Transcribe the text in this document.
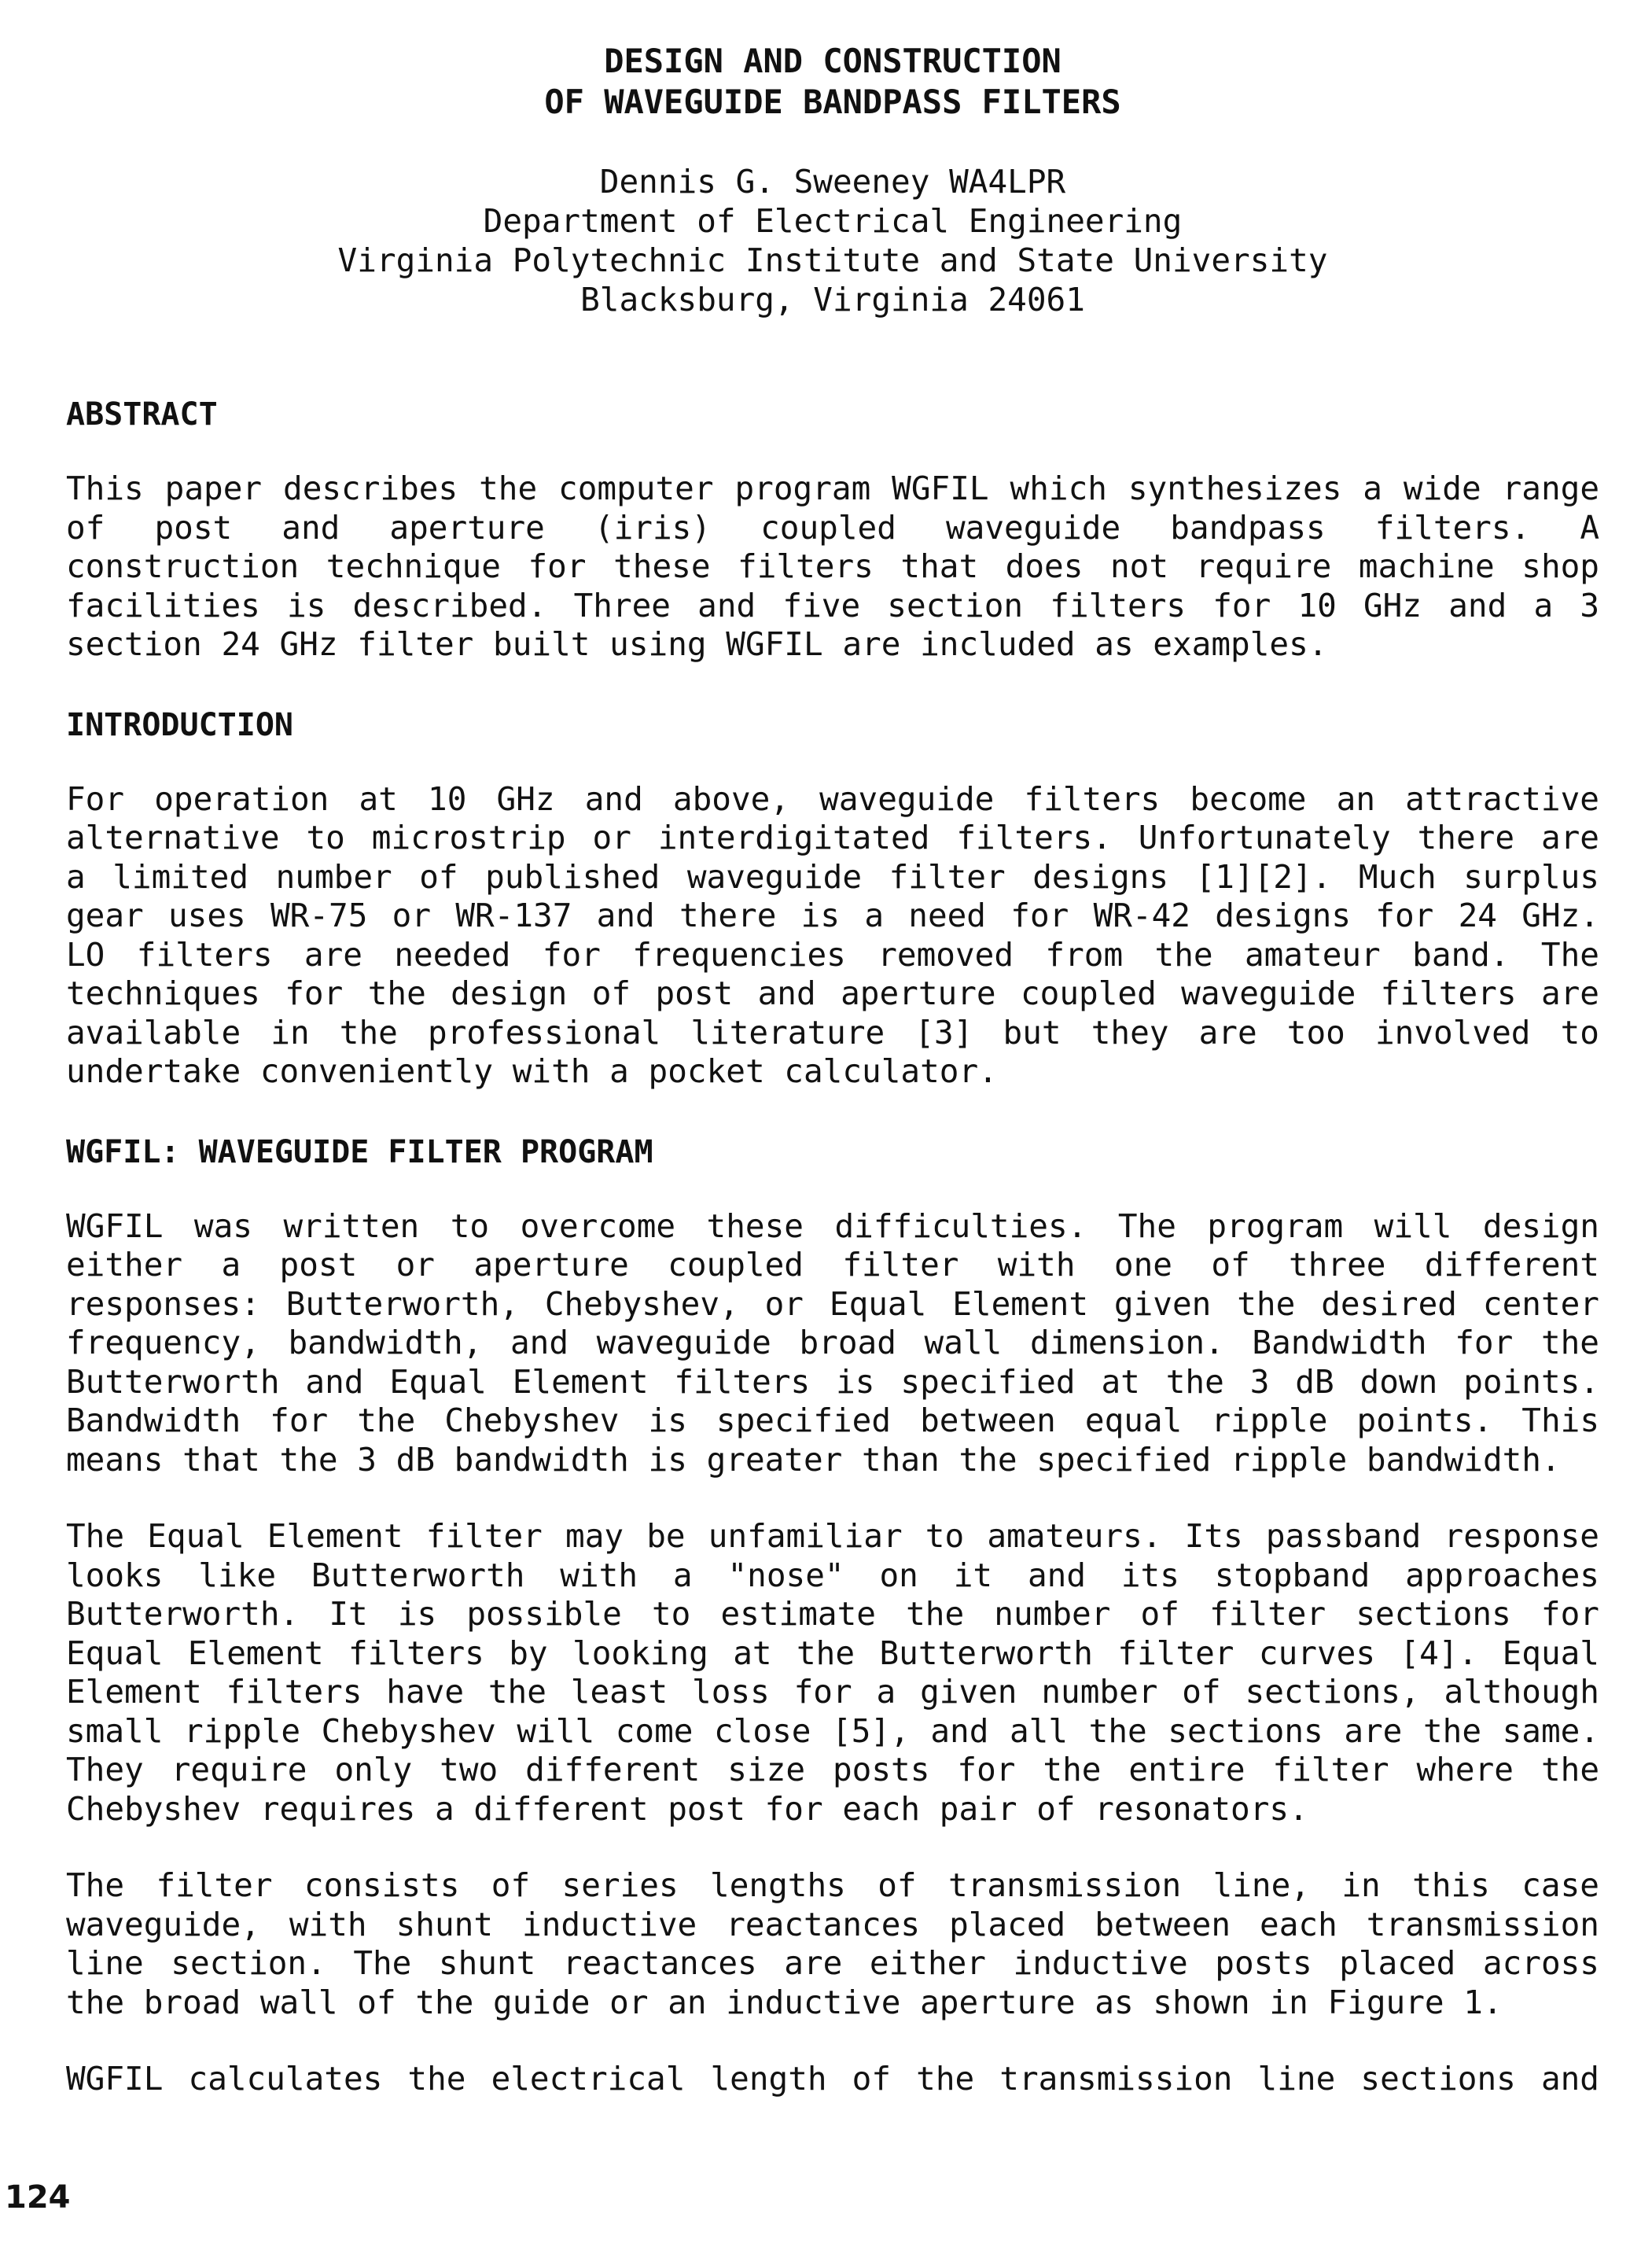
DESIGN AND CONSTRUCTION

OF WAVEGUIDE BANDPASS FILTERS

Dennis G. Sweeney WA4LPR
Department of Electrical Engineering
Virginia Polytechnic Institute and State University
Blacksburg, Virginia 24061

ABSTRACT

This paper describes the computer program WGFIL which synthesizes a wide range
of post and aperture (iris) coupled waveguide bandpass filters. A
construction technique for these filters that does not require machine shop
facilities is described. Three and five section filters for 10 GHz and a 3
section 24 GHz filter built using WGFIL are included as examples.

INTRODUCTION

For operation at 10 GHz and above, waveguide filters become an attractive
alternative to microstrip or interdigitated filters. Unfortunately there are
a limited number of published waveguide filter designs [1][2]. Much surplus
gear uses WR-75 or WR-137 and there is a need for WR-42 designs for 24 GHz.
LO filters are needed for frequencies removed from the amateur band. The
techniques for the design of post and aperture coupled waveguide filters are
available in the professional literature [3] but they are too involved to
undertake conveniently with a pocket calculator.

WGFIL: WAVEGUIDE FILTER PROGRAM

WGFIL was written to overcome these difficulties. The program will design
either a post or aperture coupled filter with one of three different
responses: Butterworth, Chebyshev, or Equal Element given the desired center
frequency, bandwidth, and waveguide broad wall dimension. Bandwidth for the
Butterworth and Equal Element filters is specified at the 3 dB down points.
Bandwidth for the Chebyshev is specified between equal ripple points. This
means that the 3 dB bandwidth is greater than the specified ripple bandwidth.

The Equal Element filter may be unfamiliar to amateurs. Its passband response
looks like Butterworth with a "nose" on it and its stopband approaches
Butterworth. It is possible to estimate the number of filter sections for
Equal Element filters by looking at the Butterworth filter curves [4]. Equal
Element filters have the least loss for a given number of sections, although
small ripple Chebyshev will come close [5], and all the sections are the same.
They require only two different size posts for the entire filter where the
Chebyshev requires a different post for each pair of resonators.

The filter consists of series lengths of transmission line, in this case
waveguide, with shunt inductive reactances placed between each transmission
line section. The shunt reactances are either inductive posts placed across
the broad wall of the guide or an inductive aperture as shown in Figure 1.

WGFIL calculates the electrical length of the transmission line sections and

124
